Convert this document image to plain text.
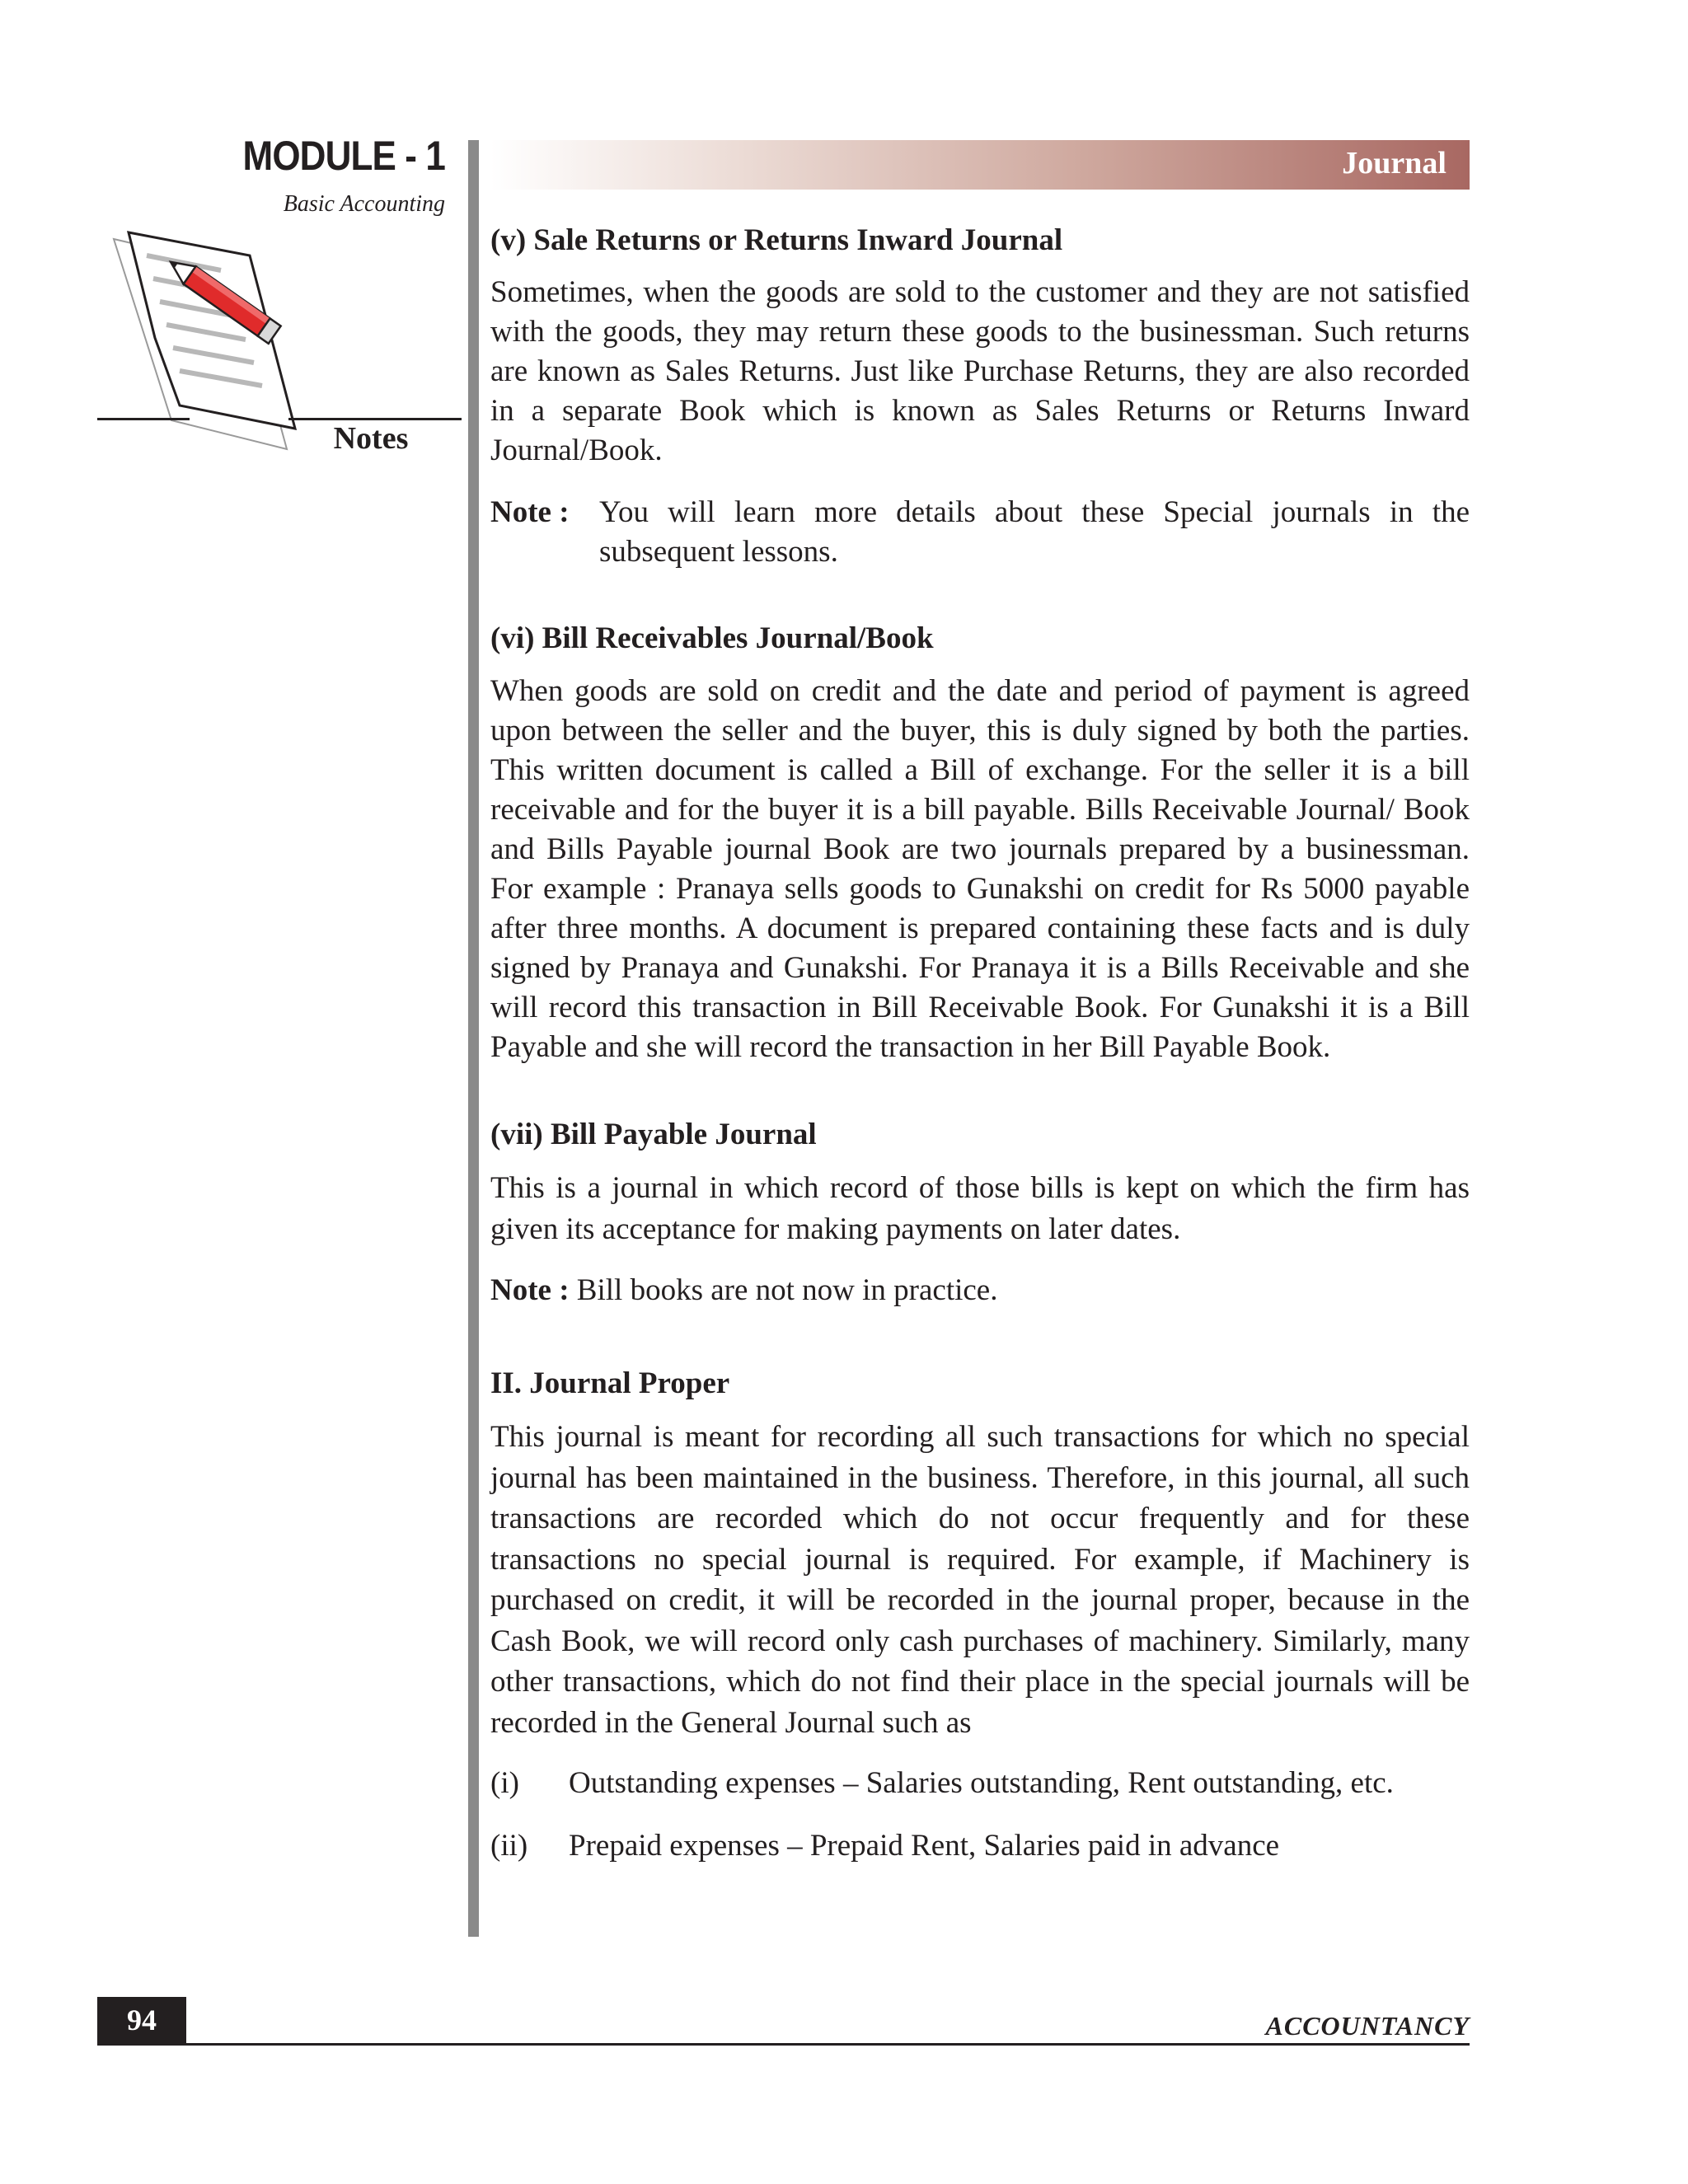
MODULE - 1
Basic Accounting
Notes
Journal
(v) Sale Returns or Returns Inward Journal

Sometimes, when the goods are sold to the customer and they are not satisfied with the goods, they may return these goods to the businessman. Such returns are known as Sales Returns. Just like Purchase Returns, they are also recorded in a separate Book which is known as Sales Returns or Returns Inward Journal/Book.

Note : You will learn more details about these Special journals in the subsequent lessons.
(vi) Bill Receivables Journal/Book

When goods are sold on credit and the date and period of payment is agreed upon between the seller and the buyer, this is duly signed by both the parties. This written document is called a Bill of exchange. For the seller it is a bill receivable and for the buyer it is a bill payable. Bills Receivable Journal/ Book and Bills Payable journal Book are two journals prepared by a businessman. For example : Pranaya sells goods to Gunakshi on credit for Rs 5000 payable after three months. A document is prepared containing these facts and is duly signed by Pranaya and Gunakshi. For Pranaya it is a Bills Receivable and she will record this transaction in Bill Receivable Book. For Gunakshi it is a Bill Payable and she will record the transaction in her Bill Payable Book.

(vii) Bill Payable Journal

This is a journal in which record of those bills is kept on which the firm has given its acceptance for making payments on later dates.

Note : Bill books are not now in practice.

II. Journal Proper

This journal is meant for recording all such transactions for which no special journal has been maintained in the business. Therefore, in this journal, all such transactions are recorded which do not occur frequently and for these transactions no special journal is required. For example, if Machinery is purchased on credit, it will be recorded in the journal proper, because in the Cash Book, we will record only cash purchases of machinery. Similarly, many other transactions, which do not find their place in the special journals will be recorded in the General Journal such as

(i)	Outstanding expenses – Salaries outstanding, Rent outstanding, etc.
(ii)	Prepaid expenses – Prepaid Rent, Salaries paid in advance
94	ACCOUNTANCY
